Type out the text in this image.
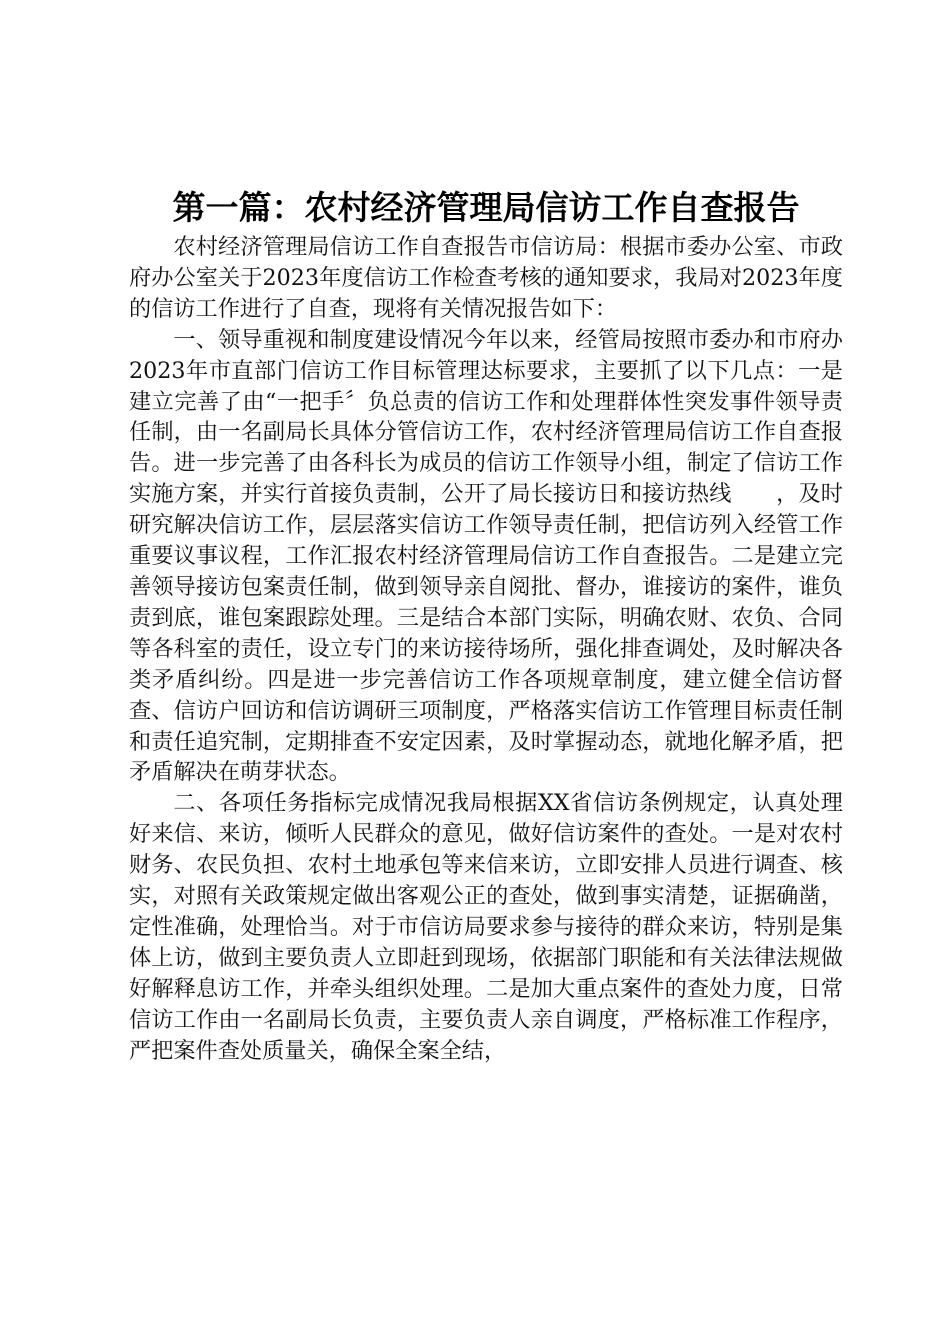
第一篇：农村经济管理局信访工作自查报告

农村经济管理局信访工作自查报告市信访局：根据市委办公室、市政府办公室关于2023年度信访工作检查考核的通知要求，我局对2023年度的信访工作进行了自查，现将有关情况报告如下：

一、领导重视和制度建设情况今年以来，经管局按照市委办和市府办2023年市直部门信访工作目标管理达标要求，主要抓了以下几点：一是建立完善了由“一把手〞负总责的信访工作和处理群体性突发事件领导责任制，由一名副局长具体分管信访工作，农村经济管理局信访工作自查报告。进一步完善了由各科长为成员的信访工作领导小组，制定了信访工作实施方案，并实行首接负责制，公开了局长接访日和接访热线　　，及时研究解决信访工作，层层落实信访工作领导责任制，把信访列入经管工作重要议事议程，工作汇报农村经济管理局信访工作自查报告。二是建立完善领导接访包案责任制，做到领导亲自阅批、督办，谁接访的案件，谁负责到底，谁包案跟踪处理。三是结合本部门实际，明确农财、农负、合同等各科室的责任，设立专门的来访接待场所，强化排查调处，及时解决各类矛盾纠纷。四是进一步完善信访工作各项规章制度，建立健全信访督查、信访户回访和信访调研三项制度，严格落实信访工作管理目标责任制和责任追究制，定期排查不安定因素，及时掌握动态，就地化解矛盾，把矛盾解决在萌芽状态。

二、各项任务指标完成情况我局根据XX省信访条例规定，认真处理好来信、来访，倾听人民群众的意见，做好信访案件的查处。一是对农村财务、农民负担、农村土地承包等来信来访，立即安排人员进行调查、核实，对照有关政策规定做出客观公正的查处，做到事实清楚，证据确凿，定性准确，处理恰当。对于市信访局要求参与接待的群众来访，特别是集体上访，做到主要负责人立即赶到现场，依据部门职能和有关法律法规做好解释息访工作，并牵头组织处理。二是加大重点案件的查处力度，日常信访工作由一名副局长负责，主要负责人亲自调度，严格标准工作程序，严把案件查处质量关，确保全案全结，
